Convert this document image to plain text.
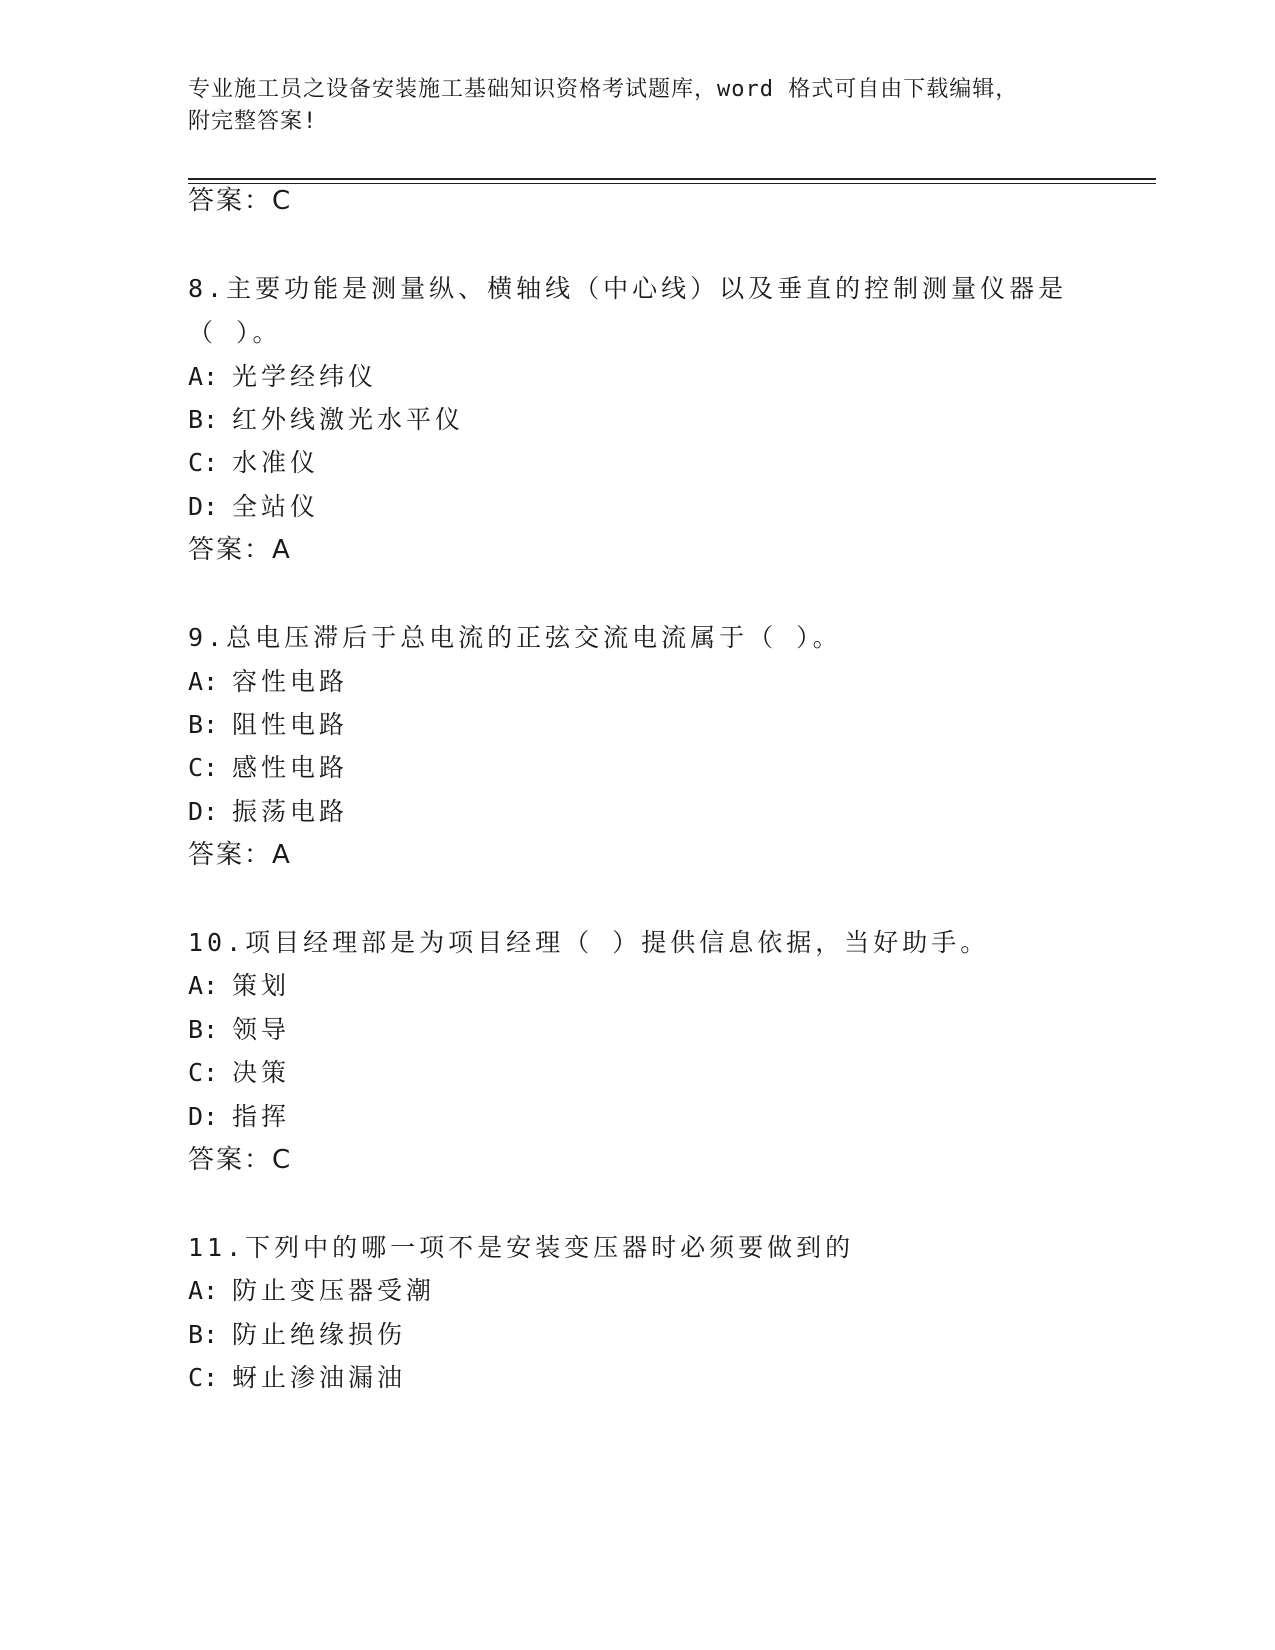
专业施工员之设备安装施工基础知识资格考试题库，word 格式可自由下载编辑，
附完整答案!
答案：C
8.主要功能是测量纵、横轴线（中心线）以及垂直的控制测量仪器是
（ ）。
A: 光学经纬仪
B: 红外线激光水平仪
C: 水准仪
D: 全站仪
答案：A
9.总电压滞后于总电流的正弦交流电流属于（ ）。
A: 容性电路
B: 阻性电路
C: 感性电路
D: 振荡电路
答案：A
10.项目经理部是为项目经理（ ）提供信息依据，当好助手。
A: 策划
B: 领导
C: 决策
D: 指挥
答案：C
11.下列中的哪一项不是安装变压器时必须要做到的
A: 防止变压器受潮
B: 防止绝缘损伤
C: 蚜止渗油漏油
